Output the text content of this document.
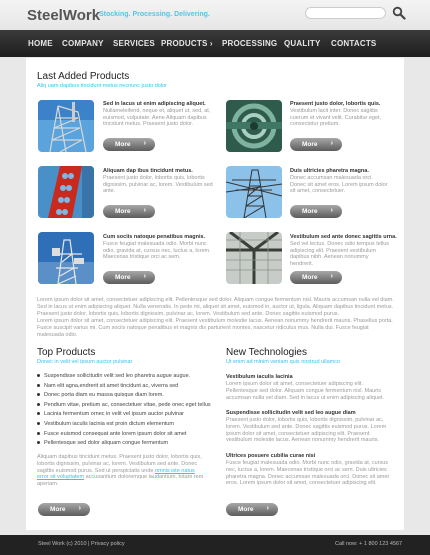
SteelWork
Stocking. Processing. Delivering.
HOME COMPANY SERVICES PRODUCTS › PROCESSING QUALITY CONTACTS
Last Added Products
Aliq uam dapibus tincidunt metus necnunc justo dolor
Sed in lacus ut enim adipiscing aliquet.
Nullameleifend, neque et, aliquet ut, sed, at, euismod, vulputate. Aene Aliquam dapibus tincidunt metus. Praesent justo dolor.
More ›
Praesent justo dolor, lobortis quis.
Vestibulum lacit inter. Donec sagittis cuerum et vivant velit. Curabitur eget, consectetur pretium.
More ›
Aliquam dap ibus tincidunt metus.
Praesent justo dolor, lobortis quis, lobortis dignissim, pulvinar ac, lorem. Vestibulum sed ante.
More ›
Duis ultricies pharetra magna.
Donec accumsan malesuada orci. Donec sit amet eros. Lorem ipsum dolor sit amet, consectetuer.
More ›
Cum sociis natoque penatibus magnis.
Fusce feugiat malesuada odio. Morbi nunc odio, gravida at, cursus nec, luctus a, lorem. Maecenas tristique orci ac sem.
More ›
Vestibulum sed ante donec sagittis urna.
Sed vel lectus. Donec odio tempus tellus adipiscing elit. Praesent vestibulum dapibus nibh. Aenean nonummy hendrerit.
More ›
Lorem ipsum dolor sit amet, consectetuer adipiscing elit. Pellentesque sed dolor. Aliquam congue fermentum nisl. Mauris accumsan nulla vel diam. Sed in lacus ut enim adipiscing aliquet. Nulla venenatis. In pede mi, aliquet sit amet, euismod in, auctor ut, ligula. Aliquam dapibus tincidunt metus. Praesent justo dolor, lobortis quis, lobortis dignissim, pulvinar ac, lorem. Vestibulum sed ante. Donec sagittis euismod purus.
Lorem ipsum dolor sit amet, consectetuer adipiscing elit. Praesent vestibulum molestie lacus. Aenean nonummy hendrerit mauris. Phasellus porta. Fusce suscipit varius mi. Cum sociis natoque penatibus et magnis dis parturient montes, nascetur ridiculus mus. Nulla dui. Fusce feugiat malesuada odio.
Top Products
Donec in velit vel ipsum auctor pulvinar
Suspendisse sollicitudin velit sed leo pharetra augue augue.
Nam elit agna,endrerit sit amet tincidunt ac, viverra sed
Donec porta diam eu massa quisque diam lorem.
Pendium vitae, pretium ac, consectetuer vitae, pede onec eget tellus
Lacinia fermentum ornec in velit vel ipsum auctor pulvinar
Vestibulum iaculis lacinia est proin dictum elementum
Fusce euismod consequat ante lorem ipsum dolor sit amet
Pellentesque sed dolor aliquam congue fermentum
Aliquam dapibus tincidunt metus. Praesent justo dolor, lobortis quis, lobortis dignissim, pulvinar ac, lorem. Vestibulum sed ante. Donec sagittis euismod purus. Sed ut perspiciatis unde omnis iste natus error sit voluptatem accusantium doloremque laudantium, totam rem aperiam.
More ›
New Technologies
Ut enim ad minim veniam quis nostrud ullamco
Vestibulum iaculis lacinia
Lorem ipsum dolor sit amet, consectetuer adipiscing elit. Pellentesque sed dolor. Aliquam congue fermentum nisl. Mauris accumsan nulla vel diam. Sed in lacus ut enim adipiscing aliquet.
Suspendisse sollicitudin velit sed leo augue diam
Praesent justo dolor, lobortis quis, lobortis dignissim, pulvinar ac, lorem. Vestibulum sed ante. Donec sagittis euismod purus. Lorem ipsum dolor sit amet, consectetuer adipiscing elit. Praesent vestibulum molestie lacus. Aenean nonummy hendrerit mauris.
Ultrices posuere cubilia curae nisi
Fusce feugiat malesuada odio. Morbi nunc odio, gravida at, cursus nec, luctus a, lorem. Maecenas tristique orci ac sem. Duis ultricies pharetra magna. Donec accumsan malesuada orci. Donec sit amet eros. Lorem ipsum dolor sit amet, consectetuer adipiscing elit.
More ›
Steel Work (c) 2010 | Privacy policy	Call now: + 1 800 123 4567
